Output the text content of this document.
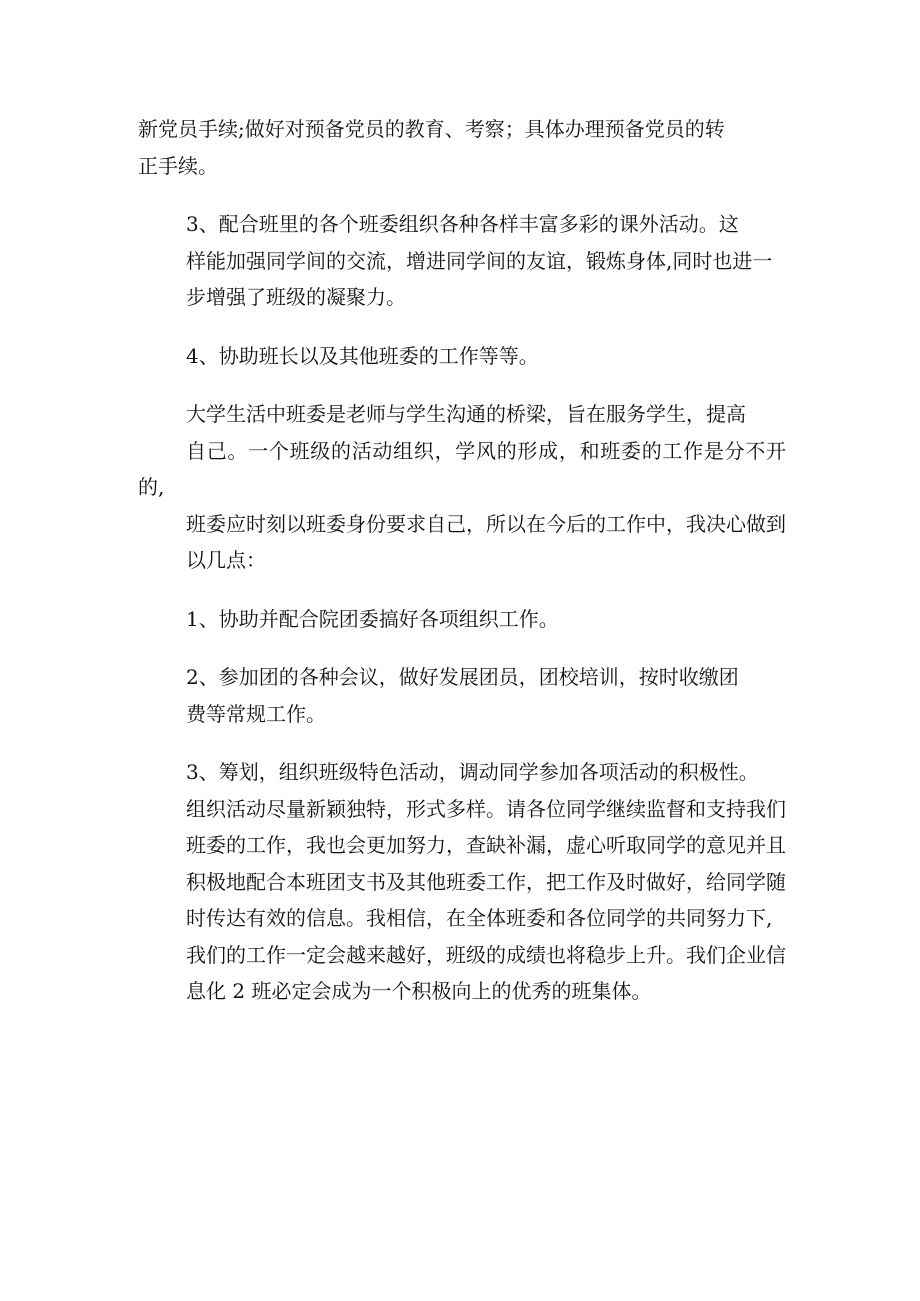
新党员手续;做好对预备党员的教育、考察；具体办理预备党员的转
正手续。

3、配合班里的各个班委组织各种各样丰富多彩的课外活动。这
样能加强同学间的交流，增进同学间的友谊，锻炼身体,同时也进一
步增强了班级的凝聚力。

4、协助班长以及其他班委的工作等等。

大学生活中班委是老师与学生沟通的桥梁，旨在服务学生，提高
自己。一个班级的活动组织，学风的形成，和班委的工作是分不开的,
班委应时刻以班委身份要求自己，所以在今后的工作中，我决心做到
以几点：

1、协助并配合院团委搞好各项组织工作。

2、参加团的各种会议，做好发展团员，团校培训，按时收缴团
费等常规工作。

3、筹划，组织班级特色活动，调动同学参加各项活动的积极性。
组织活动尽量新颖独特，形式多样。请各位同学继续监督和支持我们
班委的工作，我也会更加努力，查缺补漏，虚心听取同学的意见并且
积极地配合本班团支书及其他班委工作，把工作及时做好，给同学随
时传达有效的信息。我相信，在全体班委和各位同学的共同努力下,
我们的工作一定会越来越好，班级的成绩也将稳步上升。我们企业信
息化 2 班必定会成为一个积极向上的优秀的班集体。
